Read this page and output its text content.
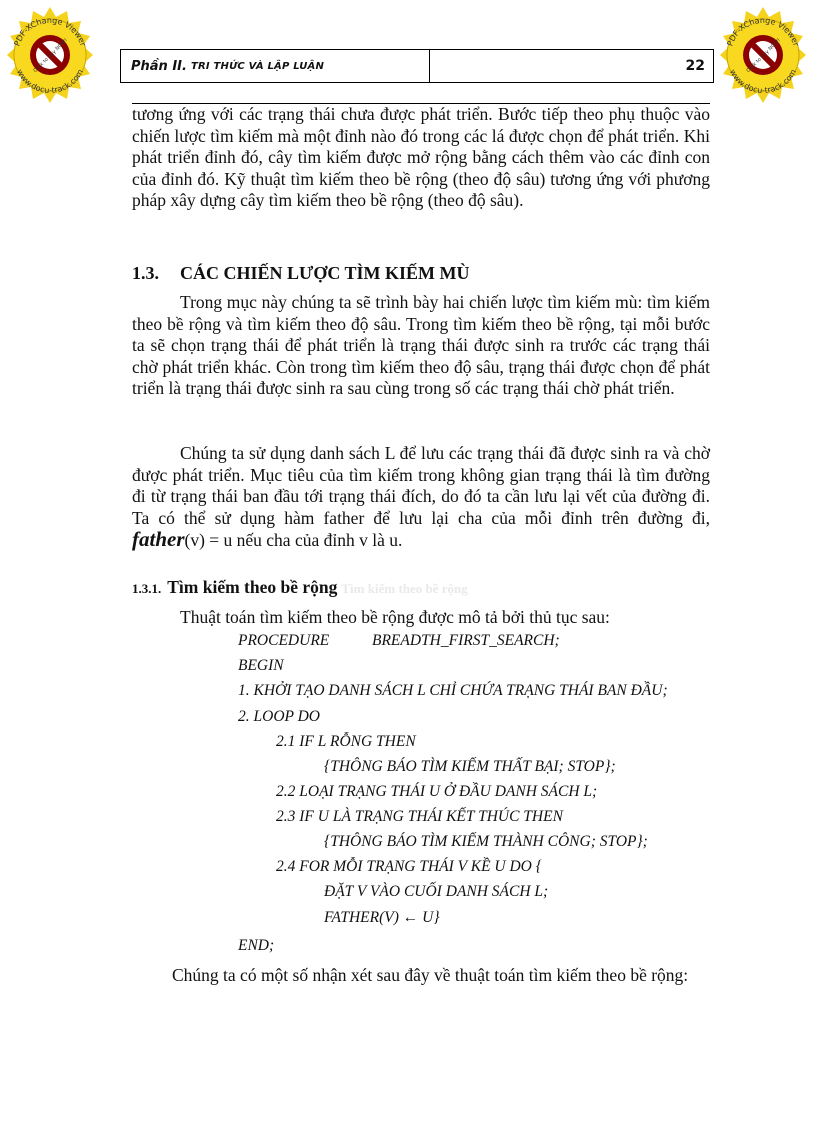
PDF-XChange Viewer
www.docu-track.com
Click to buy NOW!	PDF-XChange Viewer
www.docu-track.com
Click to buy NOW!
Phần II. TRI THỨC VÀ LẬP LUẬN	22

tương ứng với các trạng thái chưa được phát triển. Bước tiếp theo phụ thuộc vào chiến lược tìm kiếm mà một đỉnh nào đó trong các lá được chọn để phát triển. Khi phát triển đỉnh đó, cây tìm kiếm được mở rộng bằng cách thêm vào các đỉnh con của đỉnh đó. Kỹ thuật tìm kiếm theo bề rộng (theo độ sâu) tương ứng với phương pháp xây dựng cây tìm kiếm theo bề rộng (theo độ sâu).

1.3. CÁC CHIẾN LƯỢC TÌM KIẾM MÙ

Trong mục này chúng ta sẽ trình bày hai chiến lược tìm kiếm mù: tìm kiếm theo bề rộng và tìm kiếm theo độ sâu. Trong tìm kiếm theo bề rộng, tại mỗi bước ta sẽ chọn trạng thái để phát triển là trạng thái được sinh ra trước các trạng thái chờ phát triển khác. Còn trong tìm kiếm theo độ sâu, trạng thái được chọn để phát triển là trạng thái được sinh ra sau cùng trong số các trạng thái chờ phát triển.

Chúng ta sử dụng danh sách L để lưu các trạng thái đã được sinh ra và chờ được phát triển. Mục tiêu của tìm kiếm trong không gian trạng thái là tìm đường đi từ trạng thái ban đầu tới trạng thái đích, do đó ta cần lưu lại vết của đường đi. Ta có thể sử dụng hàm father để lưu lại cha của mỗi đỉnh trên đường đi, father(v) = u nếu cha của đỉnh v là u.

1.3.1. Tìm kiếm theo bề rộng Tìm kiếm theo bề rộng

Thuật toán tìm kiếm theo bề rộng được mô tả bởi thủ tục sau:

PROCEDURE	BREADTH_FIRST_SEARCH;
BEGIN
1. KHỞI TẠO DANH SÁCH L CHỈ CHỨA TRẠNG THÁI BAN ĐẦU;
2. LOOP DO
2.1 IF L RỖNG THEN
{THÔNG BÁO TÌM KIẾM THẤT BẠI; STOP};
2.2 LOẠI TRẠNG THÁI U Ở ĐẦU DANH SÁCH L;
2.3 IF U LÀ TRẠNG THÁI KẾT THÚC THEN
{THÔNG BÁO TÌM KIẾM THÀNH CÔNG; STOP};
2.4 FOR MỖI TRẠNG THÁI V KỀ U DO {
ĐẶT V VÀO CUỐI DANH SÁCH L;
FATHER(V) ← U}
END;

Chúng ta có một số nhận xét sau đây về thuật toán tìm kiếm theo bề rộng:
